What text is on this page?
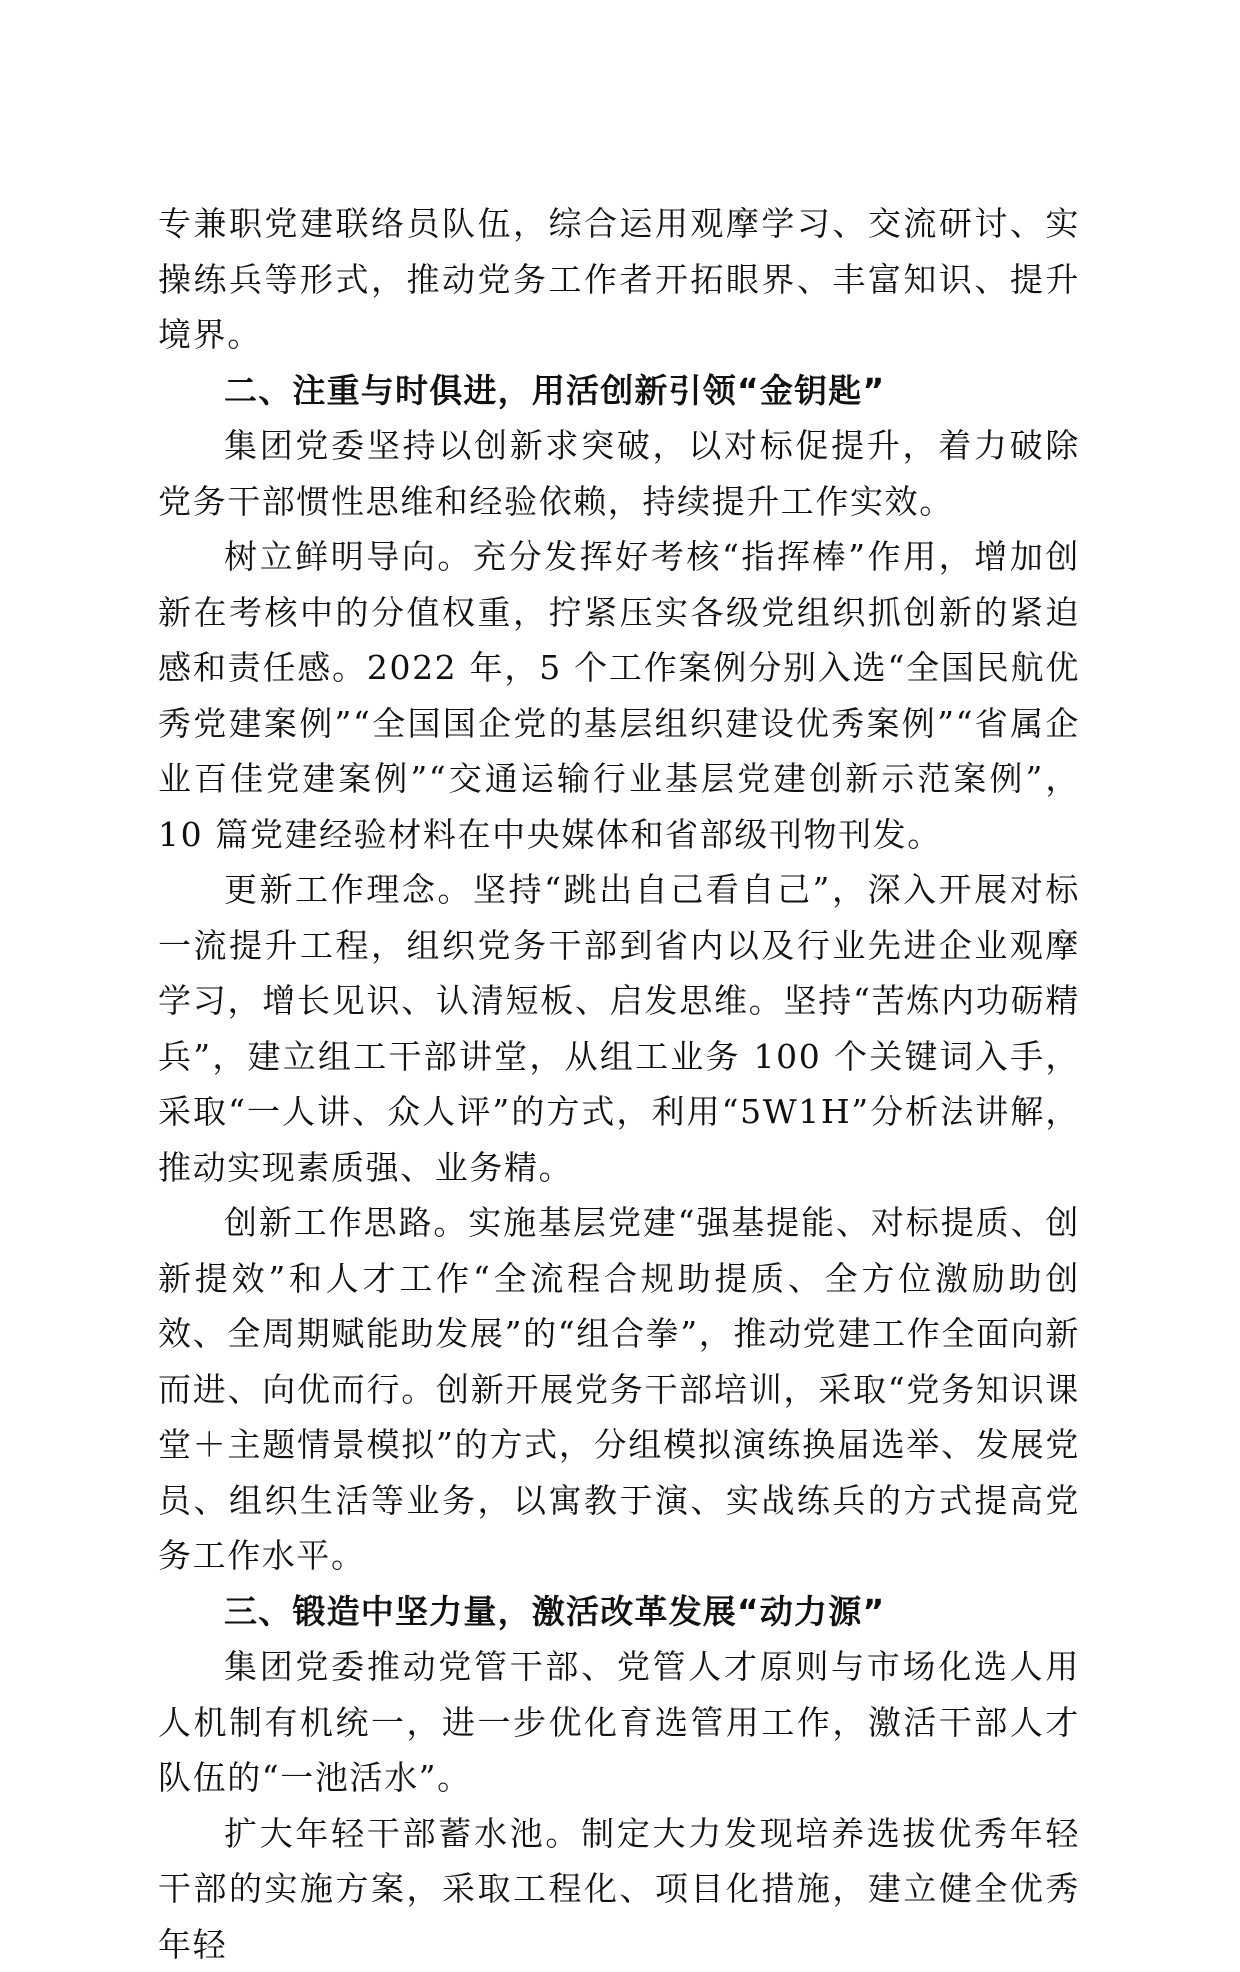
专兼职党建联络员队伍，综合运用观摩学习、交流研讨、实操练兵等形式，推动党务工作者开拓眼界、丰富知识、提升境界。

二、注重与时俱进，用活创新引领“金钥匙”

集团党委坚持以创新求突破，以对标促提升，着力破除党务干部惯性思维和经验依赖，持续提升工作实效。

树立鲜明导向。充分发挥好考核“指挥棒”作用，增加创新在考核中的分值权重，拧紧压实各级党组织抓创新的紧迫感和责任感。2022 年，5 个工作案例分别入选“全国民航优秀党建案例”“全国国企党的基层组织建设优秀案例”“省属企业百佳党建案例”“交通运输行业基层党建创新示范案例”，10 篇党建经验材料在中央媒体和省部级刊物刊发。

更新工作理念。坚持“跳出自己看自己”，深入开展对标一流提升工程，组织党务干部到省内以及行业先进企业观摩学习，增长见识、认清短板、启发思维。坚持“苦炼内功砺精兵”，建立组工干部讲堂，从组工业务 100 个关键词入手，采取“一人讲、众人评”的方式，利用“5W1H”分析法讲解，推动实现素质强、业务精。

创新工作思路。实施基层党建“强基提能、对标提质、创新提效”和人才工作“全流程合规助提质、全方位激励助创效、全周期赋能助发展”的“组合拳”，推动党建工作全面向新而进、向优而行。创新开展党务干部培训，采取“党务知识课堂＋主题情景模拟”的方式，分组模拟演练换届选举、发展党员、组织生活等业务，以寓教于演、实战练兵的方式提高党务工作水平。

三、锻造中坚力量，激活改革发展“动力源”

集团党委推动党管干部、党管人才原则与市场化选人用人机制有机统一，进一步优化育选管用工作，激活干部人才队伍的“一池活水”。

扩大年轻干部蓄水池。制定大力发现培养选拔优秀年轻干部的实施方案，采取工程化、项目化措施，建立健全优秀年轻
